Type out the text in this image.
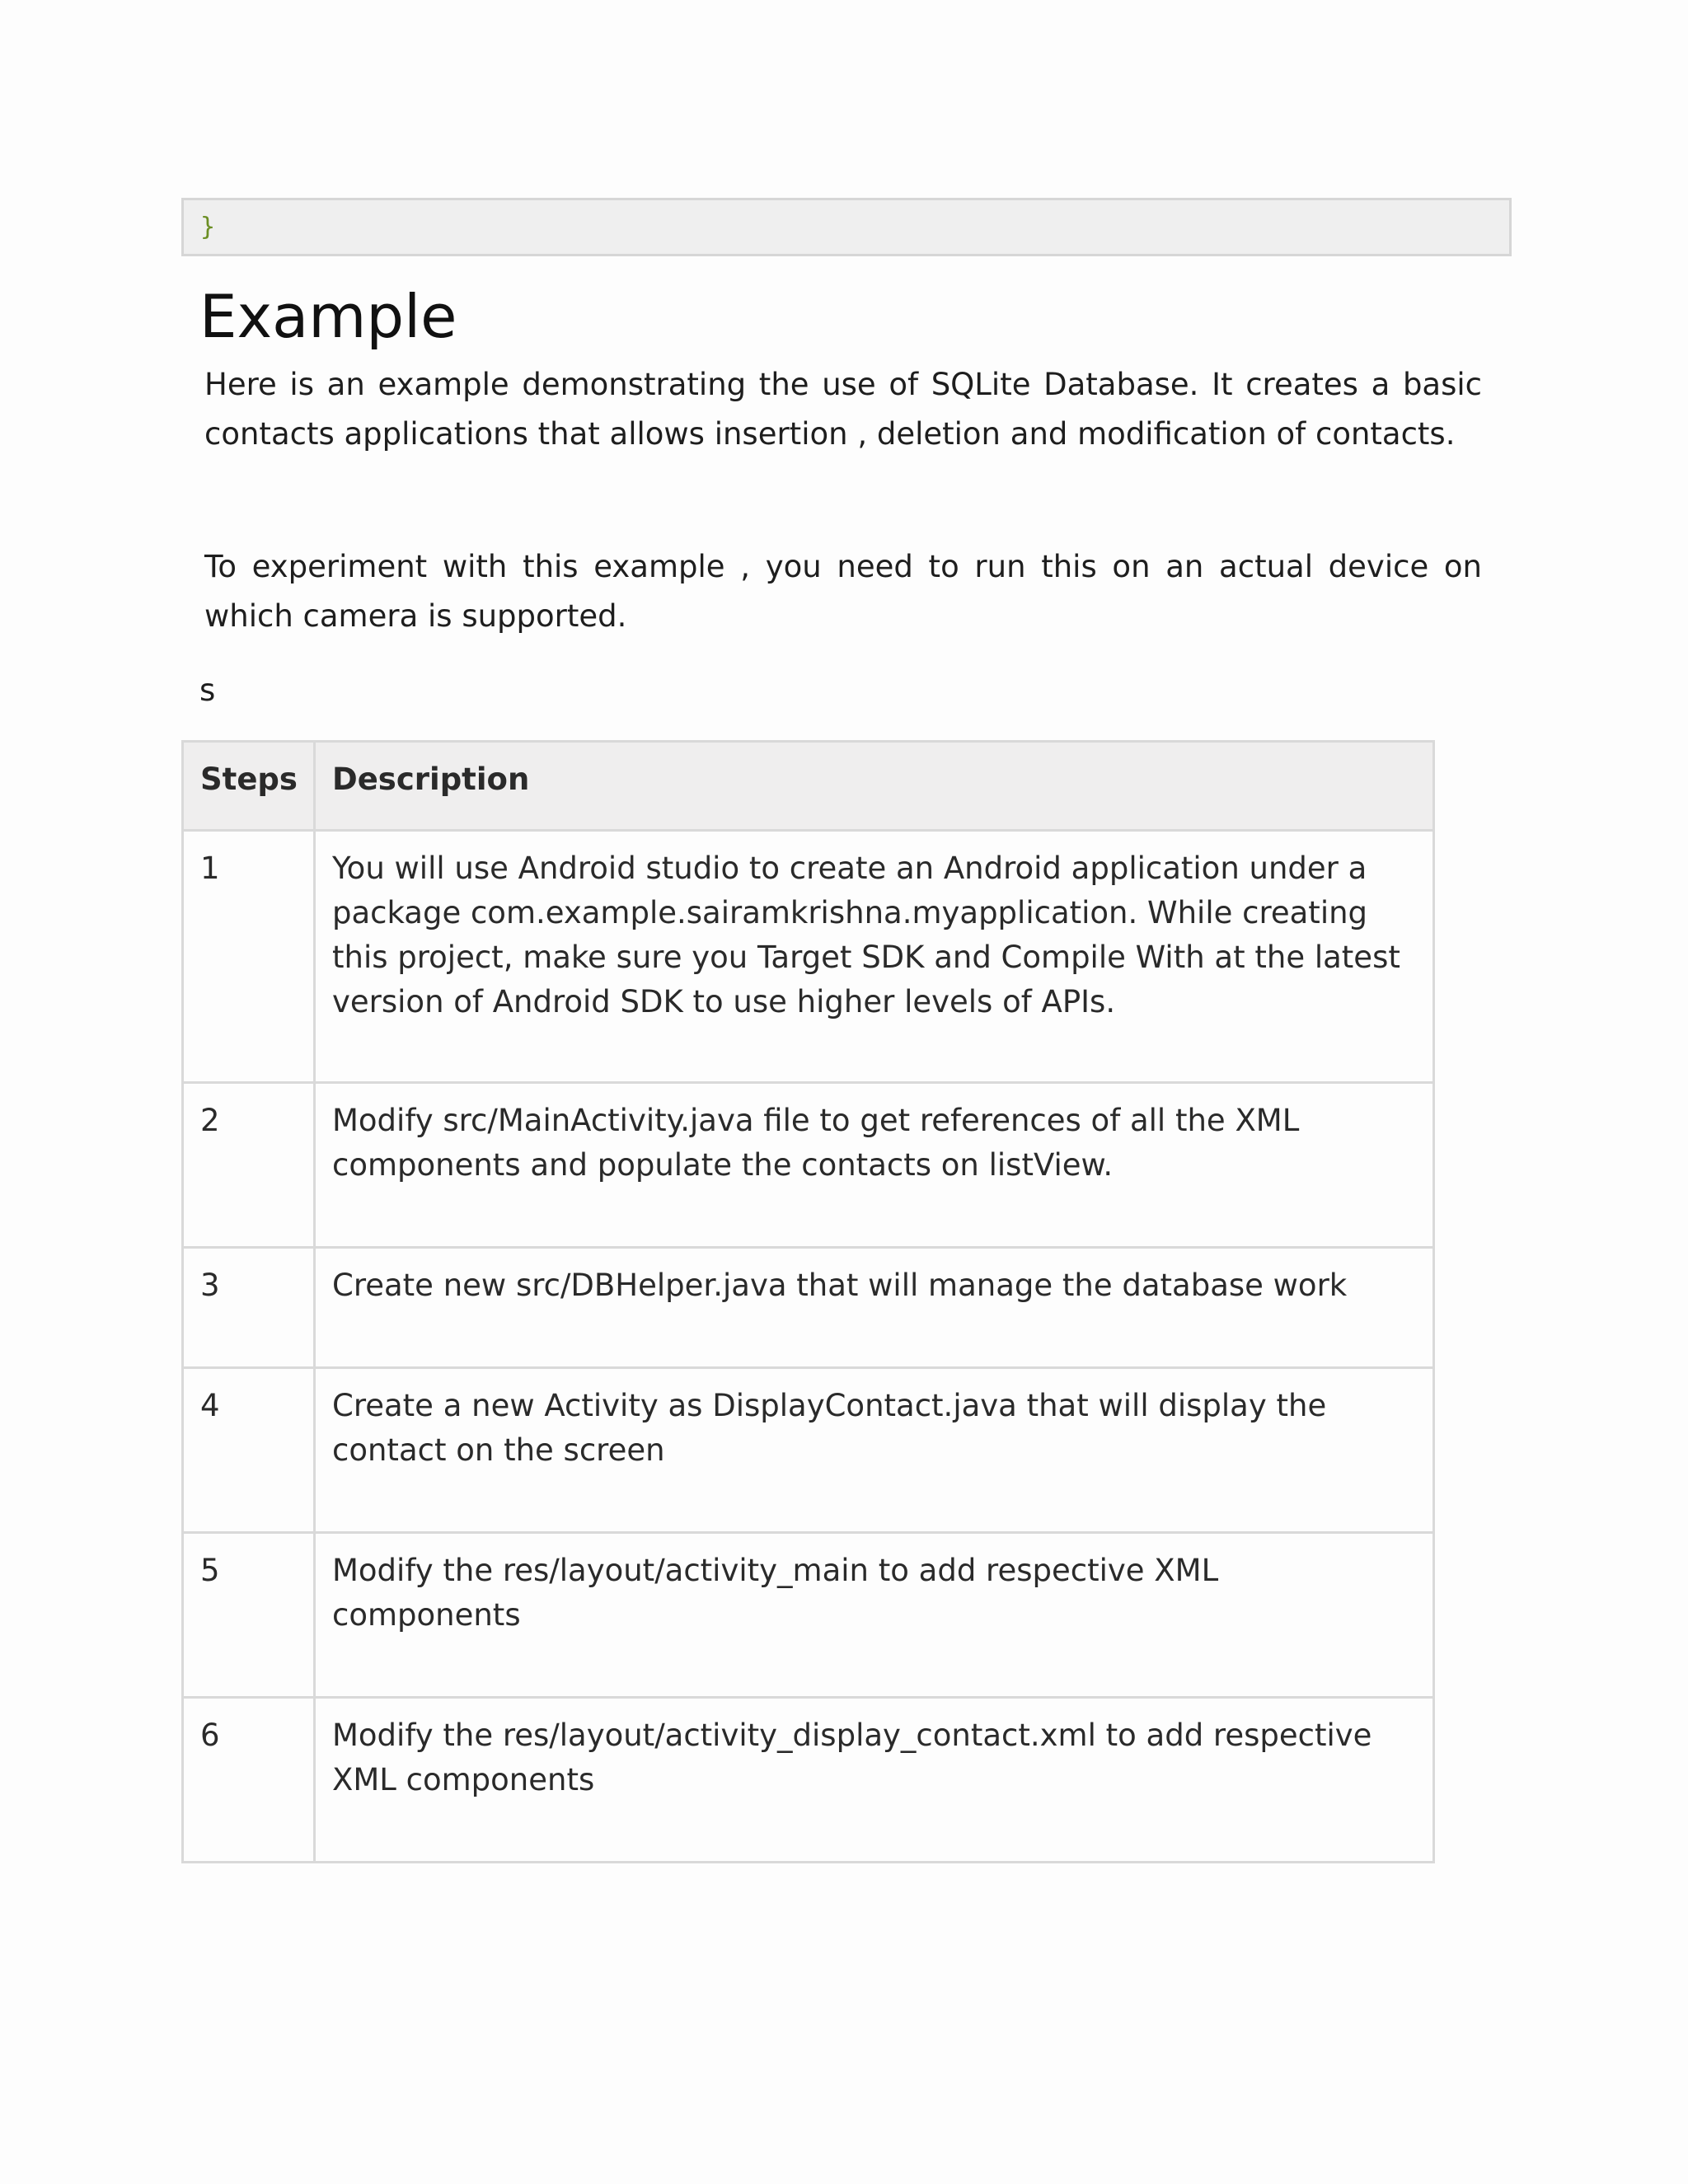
}
Example

Here is an example demonstrating the use of SQLite Database. It creates a basic contacts applications that allows insertion , deletion and modification of contacts.

To experiment with this example , you need to run this on an actual device on which camera is supported.

s
Steps	Description
1	You will use Android studio to create an Android application under a package com.example.sairamkrishna.myapplication. While creating this project, make sure you Target SDK and Compile With at the latest version of Android SDK to use higher levels of APIs.
2	Modify src/MainActivity.java file to get references of all the XML components and populate the contacts on listView.
3	Create new src/DBHelper.java that will manage the database work
4	Create a new Activity as DisplayContact.java that will display the contact on the screen
5	Modify the res/layout/activity_main to add respective XML components
6	Modify the res/layout/activity_display_contact.xml to add respective XML components
